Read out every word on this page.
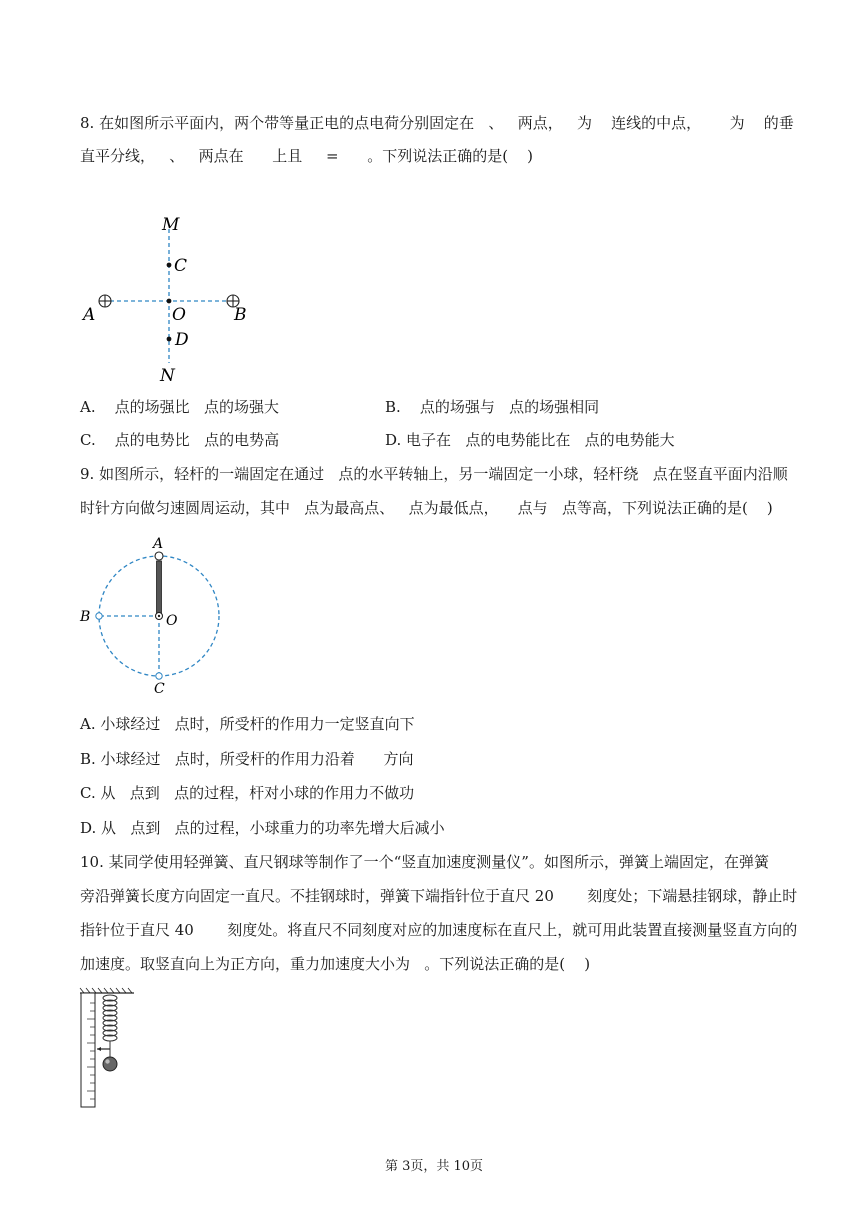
8. 在如图所示平面内，两个带等量正电的点电荷分别固定在   、   两点，   为    连线的中点，      为    的垂
直平分线，   、   两点在      上且     =      。下列说法正确的是(    )
M
C
A	O	B
D
N
A.    点的场强比   点的场强大	B.    点的场强与   点的场强相同
C.    点的电势比   点的电势高	D. 电子在   点的电势能比在   点的电势能大
9. 如图所示，轻杆的一端固定在通过   点的水平转轴上，另一端固定一小球，轻杆绕   点在竖直平面内沿顺
时针方向做匀速圆周运动，其中   点为最高点、   点为最低点，    点与   点等高，下列说法正确的是(    )
A
B	O
C
A. 小球经过   点时，所受杆的作用力一定竖直向下
B. 小球经过   点时，所受杆的作用力沿着      方向
C. 从   点到   点的过程，杆对小球的作用力不做功
D. 从   点到   点的过程，小球重力的功率先增大后减小
10. 某同学使用轻弹簧、直尺钢球等制作了一个“竖直加速度测量仪”。如图所示，弹簧上端固定，在弹簧
旁沿弹簧长度方向固定一直尺。不挂钢球时，弹簧下端指针位于直尺 20       刻度处；下端悬挂钢球，静止时
指针位于直尺 40       刻度处。将直尺不同刻度对应的加速度标在直尺上，就可用此装置直接测量竖直方向的
加速度。取竖直向上为正方向，重力加速度大小为   。下列说法正确的是(    )
第 3页，共 10页
